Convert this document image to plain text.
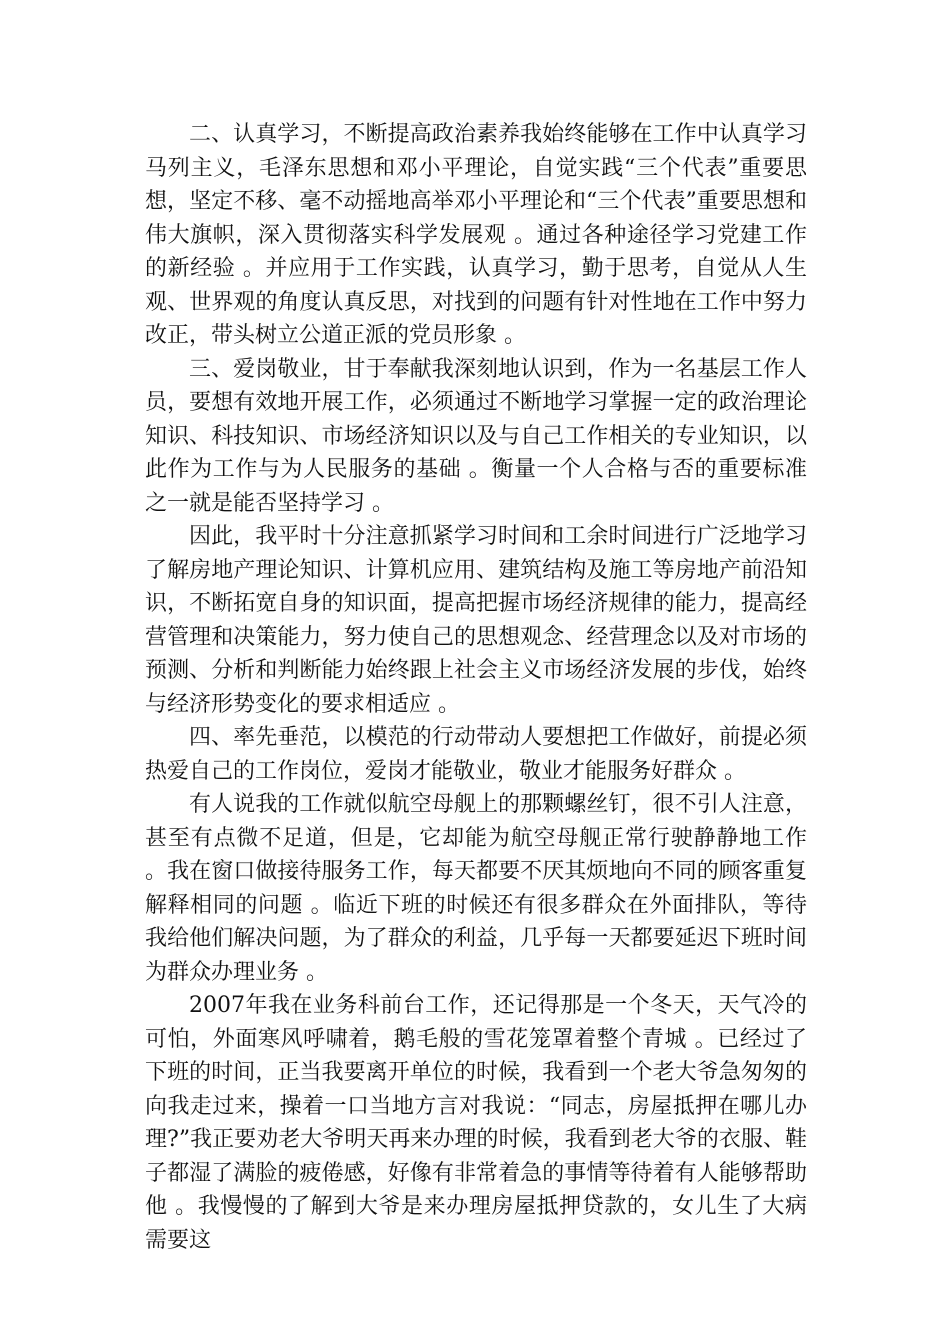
二、认真学习，不断提高政治素养我始终能够在工作中认真学习马列主义，毛泽东思想和邓小平理论，自觉实践“三个代表”重要思想，坚定不移、毫不动摇地高举邓小平理论和“三个代表”重要思想和伟大旗帜，深入贯彻落实科学发展观 。通过各种途径学习党建工作的新经验 。并应用于工作实践，认真学习，勤于思考，自觉从人生观、世界观的角度认真反思，对找到的问题有针对性地在工作中努力改正，带头树立公道正派的党员形象 。

三、爱岗敬业，甘于奉献我深刻地认识到，作为一名基层工作人员，要想有效地开展工作，必须通过不断地学习掌握一定的政治理论知识、科技知识、市场经济知识以及与自己工作相关的专业知识，以此作为工作与为人民服务的基础 。衡量一个人合格与否的重要标准之一就是能否坚持学习 。

因此，我平时十分注意抓紧学习时间和工余时间进行广泛地学习了解房地产理论知识、计算机应用、建筑结构及施工等房地产前沿知识，不断拓宽自身的知识面，提高把握市场经济规律的能力，提高经营管理和决策能力，努力使自己的思想观念、经营理念以及对市场的预测、分析和判断能力始终跟上社会主义市场经济发展的步伐，始终与经济形势变化的要求相适应 。

四、率先垂范，以模范的行动带动人要想把工作做好，前提必须热爱自己的工作岗位，爱岗才能敬业，敬业才能服务好群众 。

有人说我的工作就似航空母舰上的那颗螺丝钉，很不引人注意，甚至有点微不足道，但是，它却能为航空母舰正常行驶静静地工作 。我在窗口做接待服务工作，每天都要不厌其烦地向不同的顾客重复解释相同的问题 。临近下班的时候还有很多群众在外面排队，等待我给他们解决问题，为了群众的利益，几乎每一天都要延迟下班时间为群众办理业务 。

2007年我在业务科前台工作，还记得那是一个冬天，天气冷的可怕，外面寒风呼啸着，鹅毛般的雪花笼罩着整个青城 。已经过了下班的时间，正当我要离开单位的时候，我看到一个老大爷急匆匆的向我走过来，操着一口当地方言对我说：“同志，房屋抵押在哪儿办理?”我正要劝老大爷明天再来办理的时候，我看到老大爷的衣服、鞋子都湿了满脸的疲倦感，好像有非常着急的事情等待着有人能够帮助他 。我慢慢的了解到大爷是来办理房屋抵押贷款的，女儿生了大病需要这
